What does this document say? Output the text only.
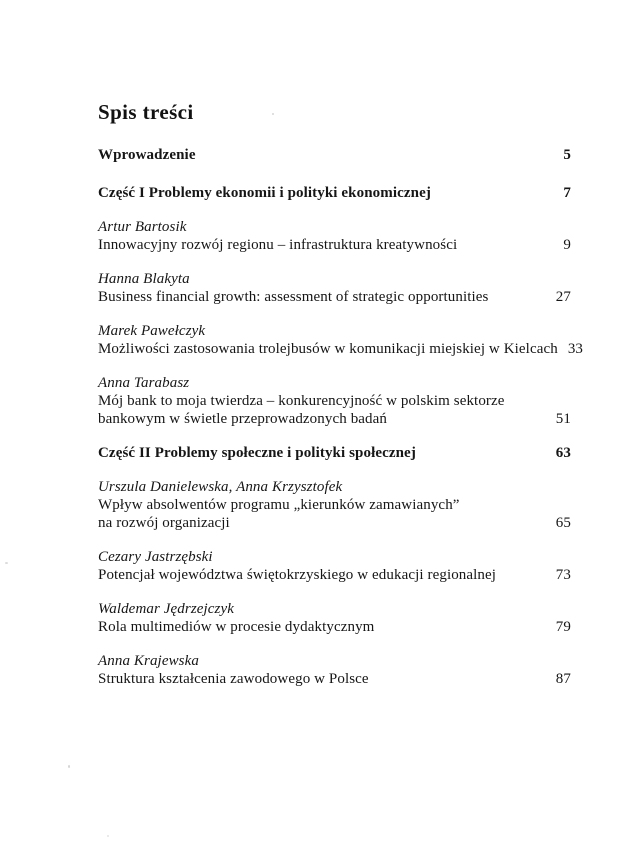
Spis treści
Wprowadzenie	5
Część I Problemy ekonomii i polityki ekonomicznej	7
Artur Bartosik
Innowacyjny rozwój regionu – infrastruktura kreatywności	9
Hanna Blakyta
Business financial growth: assessment of strategic opportunities	27
Marek Pawełczyk
Możliwości zastosowania trolejbusów w komunikacji miejskiej w Kielcach 33
Anna Tarabasz
Mój bank to moja twierdza – konkurencyjność w polskim sektorze
bankowym w świetle przeprowadzonych badań	51
Część II Problemy społeczne i polityki społecznej	63
Urszula Danielewska, Anna Krzysztofek
Wpływ absolwentów programu „kierunków zamawianych”
na rozwój organizacji	65
Cezary Jastrzębski
Potencjał województwa świętokrzyskiego w edukacji regionalnej	73
Waldemar Jędrzejczyk
Rola multimediów w procesie dydaktycznym	79
Anna Krajewska
Struktura kształcenia zawodowego w Polsce	87
